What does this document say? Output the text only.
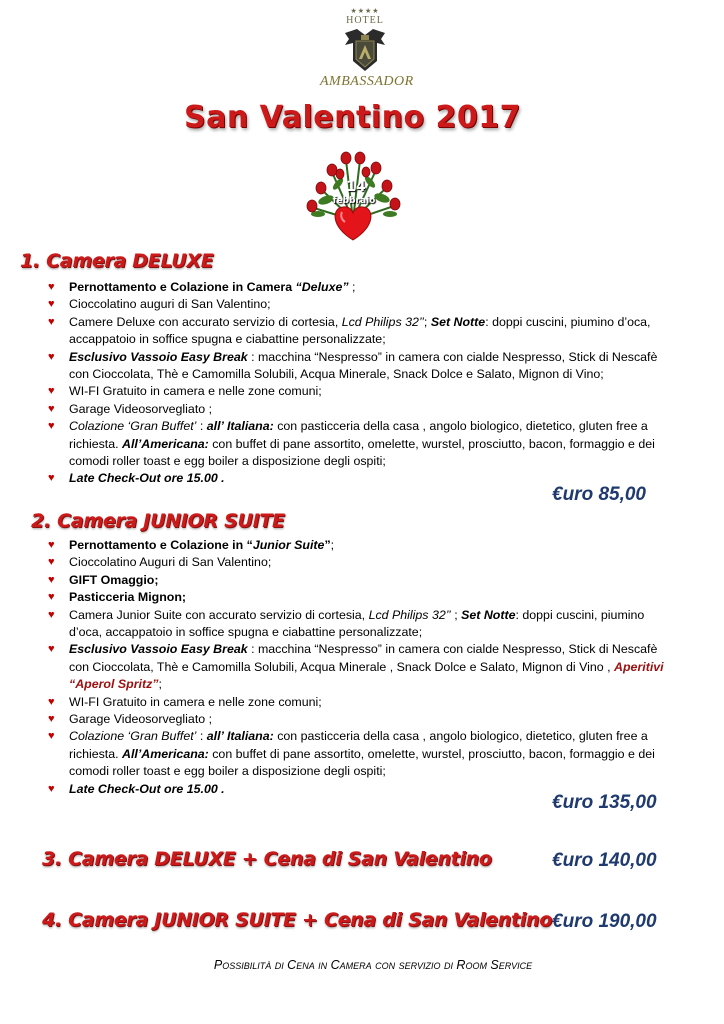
★★★★
HOTEL
AMBASSADOR
San Valentino 2017
14
febbraio
1. Camera DELUXE
♥ Pernottamento e Colazione in Camera “Deluxe” ;
♥ Cioccolatino auguri di San Valentino;
♥ Camere Deluxe con accurato servizio di cortesia, Lcd Philips 32’’; Set Notte: doppi cuscini, piumino d’oca, accappatoio in soffice spugna e ciabattine personalizzate;
♥ Esclusivo Vassoio Easy Break : macchina “Nespresso” in camera con cialde Nespresso, Stick di Nescafè con Cioccolata, Thè e Camomilla Solubili, Acqua Minerale, Snack Dolce e Salato, Mignon di Vino;
♥ WI-FI Gratuito in camera e nelle zone comuni;
♥ Garage Videosorvegliato ;
♥ Colazione ‘Gran Buffet’ : all’ Italiana: con pasticceria della casa , angolo biologico, dietetico, gluten free a richiesta. All’Americana: con buffet di pane assortito, omelette, wurstel, prosciutto, bacon, formaggio e dei comodi roller toast e egg boiler a disposizione degli ospiti;
♥ Late Check-Out ore 15.00 .
€uro 85,00
2. Camera JUNIOR SUITE
♥ Pernottamento e Colazione in “Junior Suite”;
♥ Cioccolatino Auguri di San Valentino;
♥ GIFT Omaggio;
♥ Pasticceria Mignon;
♥ Camera Junior Suite con accurato servizio di cortesia, Lcd Philips 32’’ ; Set Notte: doppi cuscini, piumino d’oca, accappatoio in soffice spugna e ciabattine personalizzate;
♥ Esclusivo Vassoio Easy Break : macchina “Nespresso” in camera con cialde Nespresso, Stick di Nescafè con Cioccolata, Thè e Camomilla Solubili, Acqua Minerale , Snack Dolce e Salato, Mignon di Vino , Aperitivi “Aperol Spritz”;
♥ WI-FI Gratuito in camera e nelle zone comuni;
♥ Garage Videosorvegliato ;
♥ Colazione ‘Gran Buffet’ : all’ Italiana: con pasticceria della casa , angolo biologico, dietetico, gluten free a richiesta. All’Americana: con buffet di pane assortito, omelette, wurstel, prosciutto, bacon, formaggio e dei comodi roller toast e egg boiler a disposizione degli ospiti;
♥ Late Check-Out ore 15.00 .
€uro 135,00
3. Camera DELUXE + Cena di San Valentino	€uro 140,00
4. Camera JUNIOR SUITE + Cena di San Valentino €uro 190,00
Possibilità di Cena in Camera con servizio di Room Service
